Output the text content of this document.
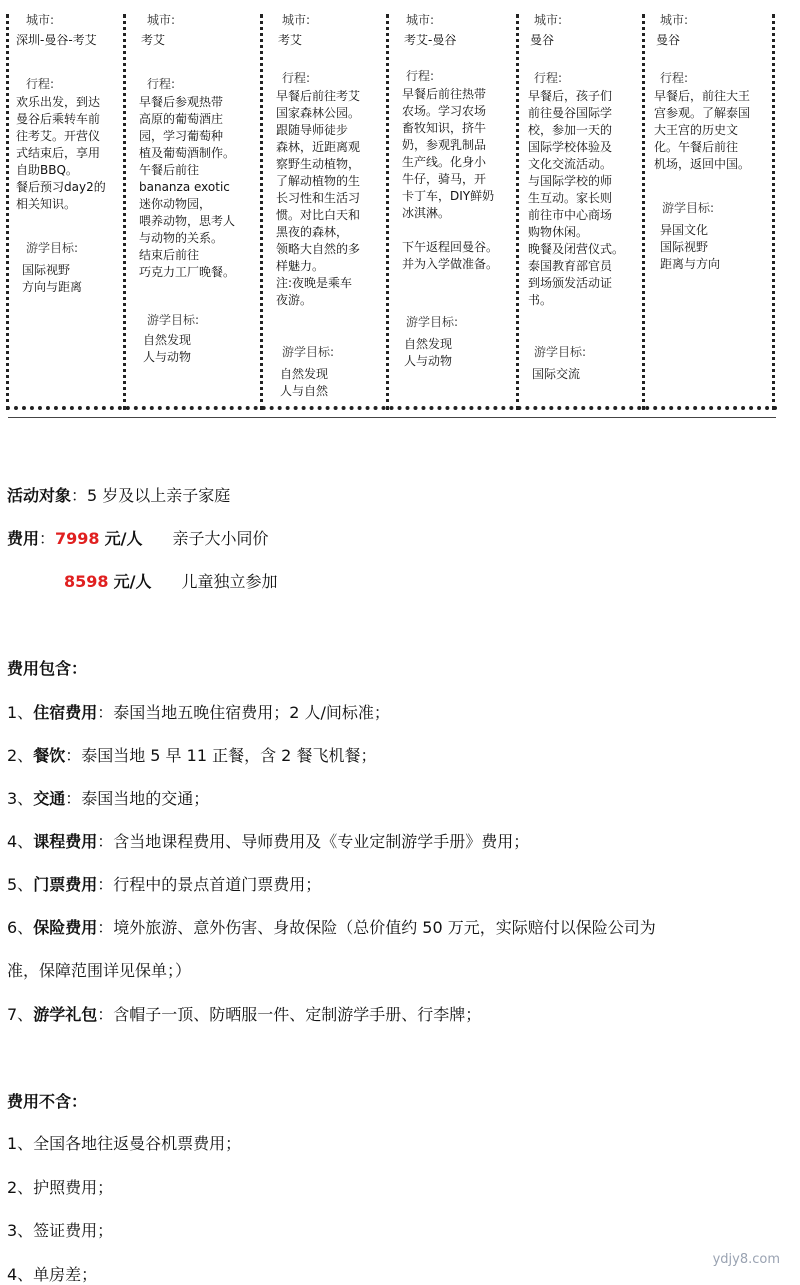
城市:
深圳-曼谷-考艾
行程:
欢乐出发，到达
曼谷后乘转车前
往考艾。开营仪
式结束后，享用
自助BBQ。
餐后预习day2的
相关知识。
游学目标:
国际视野
方向与距离
城市:
考艾
行程:
早餐后参观热带
高原的葡萄酒庄
园，学习葡萄种
植及葡萄酒制作。
午餐后前往
bananza exotic
迷你动物园，
喂养动物，思考人
与动物的关系。
结束后前往
巧克力工厂晚餐。
游学目标:
自然发现
人与动物
城市:
考艾
行程:
早餐后前往考艾
国家森林公园。
跟随导师徒步
森林，近距离观
察野生动植物，
了解动植物的生
长习性和生活习
惯。对比白天和
黑夜的森林，
领略大自然的多
样魅力。
注:夜晚是乘车
夜游。
游学目标:
自然发现
人与自然
城市:
考艾-曼谷
行程:
早餐后前往热带
农场。学习农场
畜牧知识，挤牛
奶，参观乳制品
生产线。化身小
牛仔，骑马，开
卡丁车，DIY鲜奶
冰淇淋。

下午返程回曼谷。
并为入学做准备。
游学目标:
自然发现
人与动物
城市:
曼谷
行程:
早餐后，孩子们
前往曼谷国际学
校，参加一天的
国际学校体验及
文化交流活动。
与国际学校的师
生互动。家长则
前往市中心商场
购物休闲。
晚餐及闭营仪式。
泰国教育部官员
到场颁发活动证
书。
游学目标:
国际交流
城市:
曼谷
行程:
早餐后，前往大王
宫参观。了解泰国
大王宫的历史文
化。午餐后前往
机场，返回中国。
游学目标:
异国文化
国际视野
距离与方向
活动对象：5 岁及以上亲子家庭
费用：7998 元/人 亲子大小同价
8598 元/人 儿童独立参加
费用包含：
1、住宿费用：泰国当地五晚住宿费用；2 人/间标准；
2、餐饮：泰国当地 5 早 11 正餐，含 2 餐飞机餐；
3、交通：泰国当地的交通；
4、课程费用：含当地课程费用、导师费用及《专业定制游学手册》费用；
5、门票费用：行程中的景点首道门票费用；
6、保险费用：境外旅游、意外伤害、身故保险（总价值约 50 万元，实际赔付以保险公司为
准，保障范围详见保单；）
7、游学礼包：含帽子一顶、防晒服一件、定制游学手册、行李牌；
费用不含：
1、全国各地往返曼谷机票费用；
2、护照费用；
3、签证费用；
4、单房差；
ydjy8.com
